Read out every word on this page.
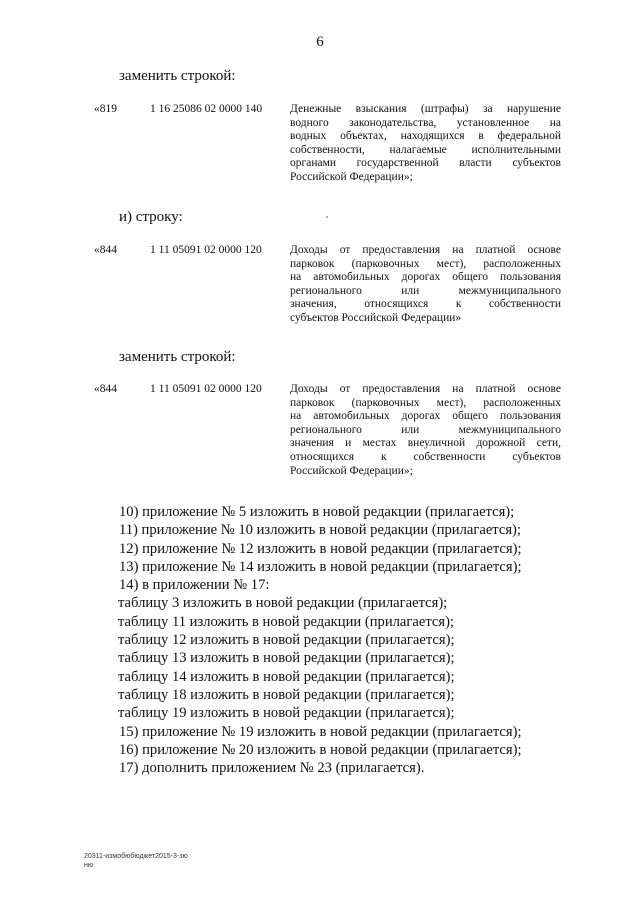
6
заменить строкой:
«819	1 16 25086 02 0000 140 Денежные взыскания (штрафы) за нарушение
водного законодательства, установленное на
водных объектах, находящихся в федеральной
собственности, налагаемые исполнительными
органами государственной власти субъектов
Российской Федерации»;
и) строку:
«844	1 11 05091 02 0000 120 Доходы от предоставления на платной основе
парковок (парковочных мест), расположенных
на автомобильных дорогах общего пользования
регионального или межмуниципального
значения, относящихся к собственности
субъектов Российской Федерации»
заменить строкой:
«844	1 11 05091 02 0000 120 Доходы от предоставления на платной основе
парковок (парковочных мест), расположенных
на автомобильных дорогах общего пользования
регионального или межмуниципального
значения и местах внеуличной дорожной сети,
относящихся к собственности субъектов
Российской Федерации»;
10) приложение № 5 изложить в новой редакции (прилагается);
11) приложение № 10 изложить в новой редакции (прилагается);
12) приложение № 12 изложить в новой редакции (прилагается);
13) приложение № 14 изложить в новой редакции (прилагается);
14) в приложении № 17:
таблицу 3 изложить в новой редакции (прилагается);
таблицу 11 изложить в новой редакции (прилагается);
таблицу 12 изложить в новой редакции (прилагается);
таблицу 13 изложить в новой редакции (прилагается);
таблицу 14 изложить в новой редакции (прилагается);
таблицу 18 изложить в новой редакции (прилагается);
таблицу 19 изложить в новой редакции (прилагается);
15) приложение № 19 изложить в новой редакции (прилагается);
16) приложение № 20 изложить в новой редакции (прилагается);
17) дополнить приложением № 23 (прилагается).
20311-измобюбюджет2015-3-зю
ню
